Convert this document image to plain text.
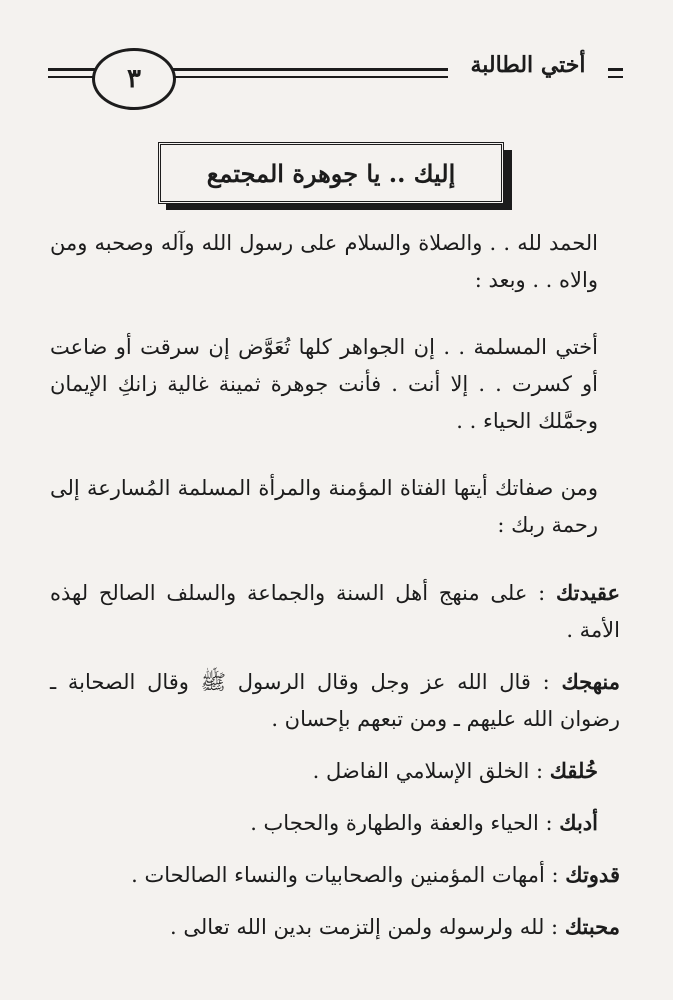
٣	أختي الطالبة
إليك .. يا جوهرة المجتمع

الحمد لله . . والصلاة والسلام على رسول الله وآله وصحبه ومن والاه . . وبعد :

أختي المسلمة . . إن الجواهر كلها تُعَوَّض إن سرقت أو ضاعت أو كسرت . . إلا أنت . فأنت جوهرة ثمينة غالية زانكِ الإيمان وجمَّلك الحياء . .

ومن صفاتك أيتها الفتاة المؤمنة والمرأة المسلمة المُسارعة إلى رحمة ربك :

عقيدتك : على منهج أهل السنة والجماعة والسلف الصالح لهذه الأمة .

منهجك : قال الله عز وجل وقال الرسول ﷺ وقال الصحابة ـ رضوان الله عليهم ـ ومن تبعهم بإحسان .

خُلقك : الخلق الإسلامي الفاضل .

أدبك : الحياء والعفة والطهارة والحجاب .

قدوتك : أمهات المؤمنين والصحابيات والنساء الصالحات .

محبتك : لله ولرسوله ولمن إلتزمت بدين الله تعالى .
